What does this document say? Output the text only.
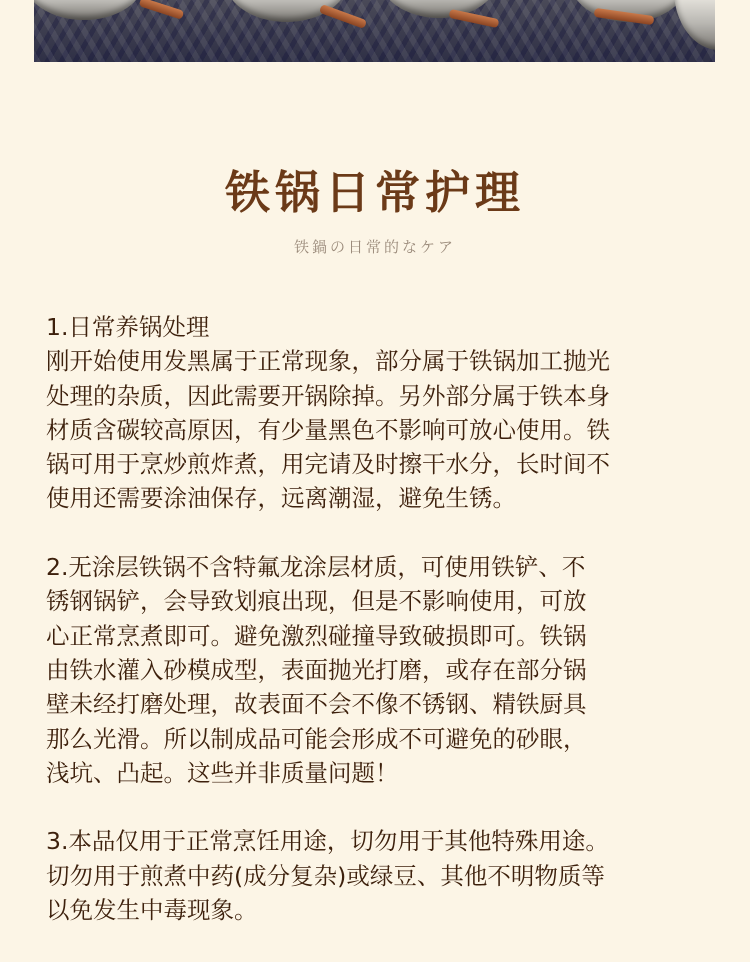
铁锅日常护理
铁鍋の日常的なケア

1.日常养锅处理

刚开始使用发黑属于正常现象，部分属于铁锅加工抛光

处理的杂质，因此需要开锅除掉。另外部分属于铁本身

材质含碳较高原因，有少量黑色不影响可放心使用。铁

锅可用于烹炒煎炸煮，用完请及时擦干水分，长时间不

使用还需要涂油保存，远离潮湿，避免生锈。

2.无涂层铁锅不含特氟龙涂层材质，可使用铁铲、不

锈钢锅铲，会导致划痕出现，但是不影响使用，可放

心正常烹煮即可。避免激烈碰撞导致破损即可。铁锅

由铁水灌入砂模成型，表面抛光打磨，或存在部分锅

壁未经打磨处理，故表面不会不像不锈钢、精铁厨具

那么光滑。所以制成品可能会形成不可避免的砂眼，

浅坑、凸起。这些并非质量问题！

3.本品仅用于正常烹饪用途，切勿用于其他特殊用途。

切勿用于煎煮中药(成分复杂)或绿豆、其他不明物质等

以免发生中毒现象。
